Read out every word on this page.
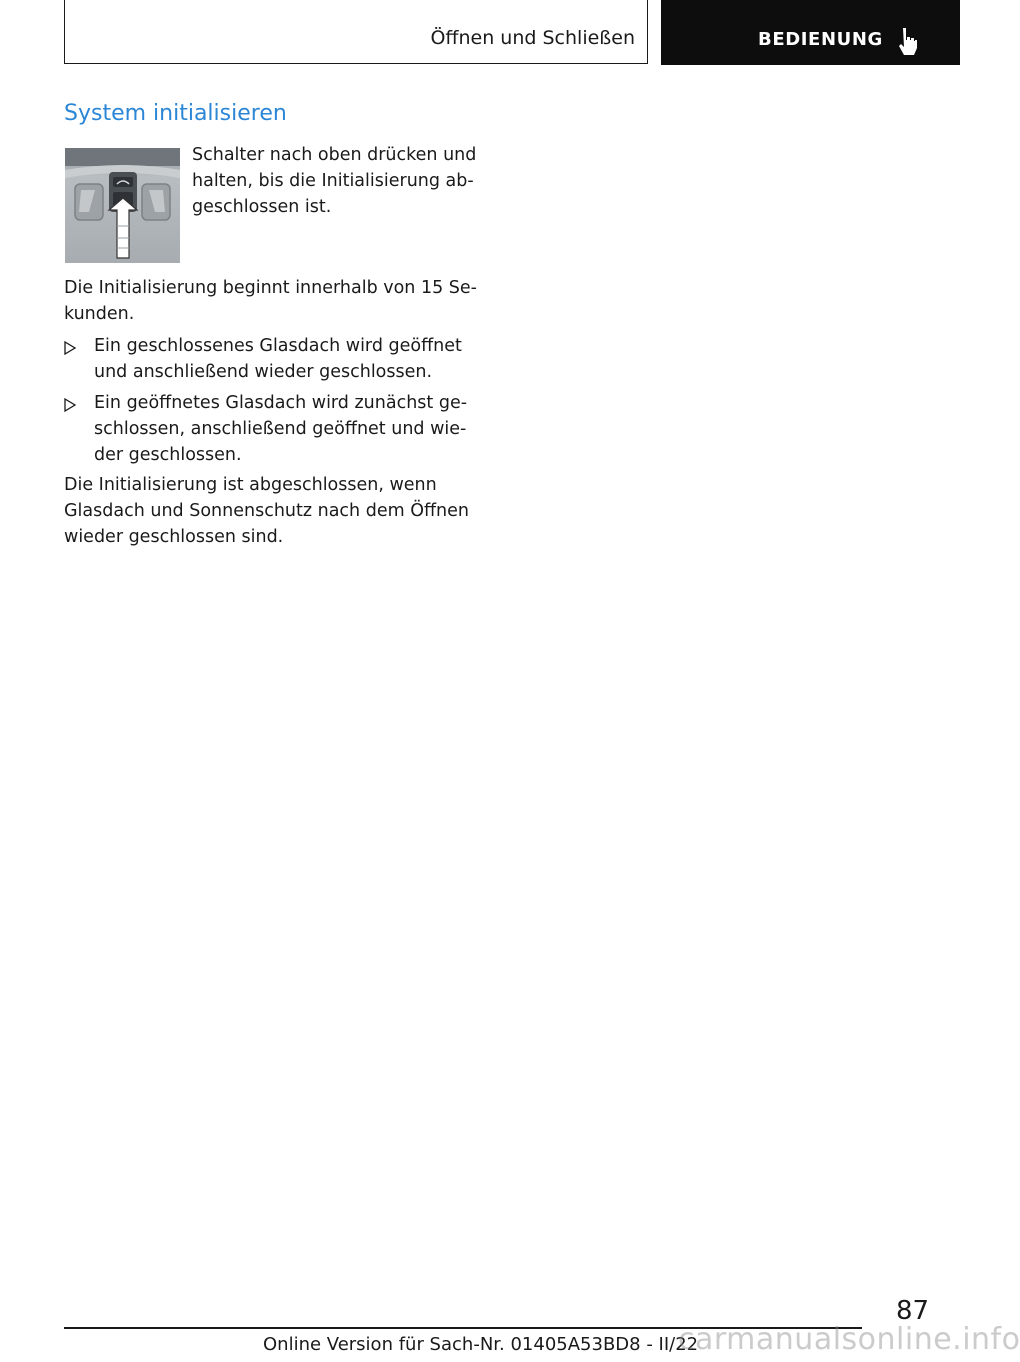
Öffnen und Schließen	BEDIENUNG
System initialisieren

Schalter nach oben drücken und halten, bis die Initialisierung ab-geschlossen ist.

Die Initialisierung beginnt innerhalb von 15 Se-kunden.

Ein geschlossenes Glasdach wird geöffnet und anschließend wieder geschlossen.

Ein geöffnetes Glasdach wird zunächst ge-schlossen, anschließend geöffnet und wie-der geschlossen.

Die Initialisierung ist abgeschlossen, wenn Glasdach und Sonnenschutz nach dem Öffnen wieder geschlossen sind.

87
Online Version für Sach-Nr. 01405A53BD8 - II/22
carmanualsonline.info
